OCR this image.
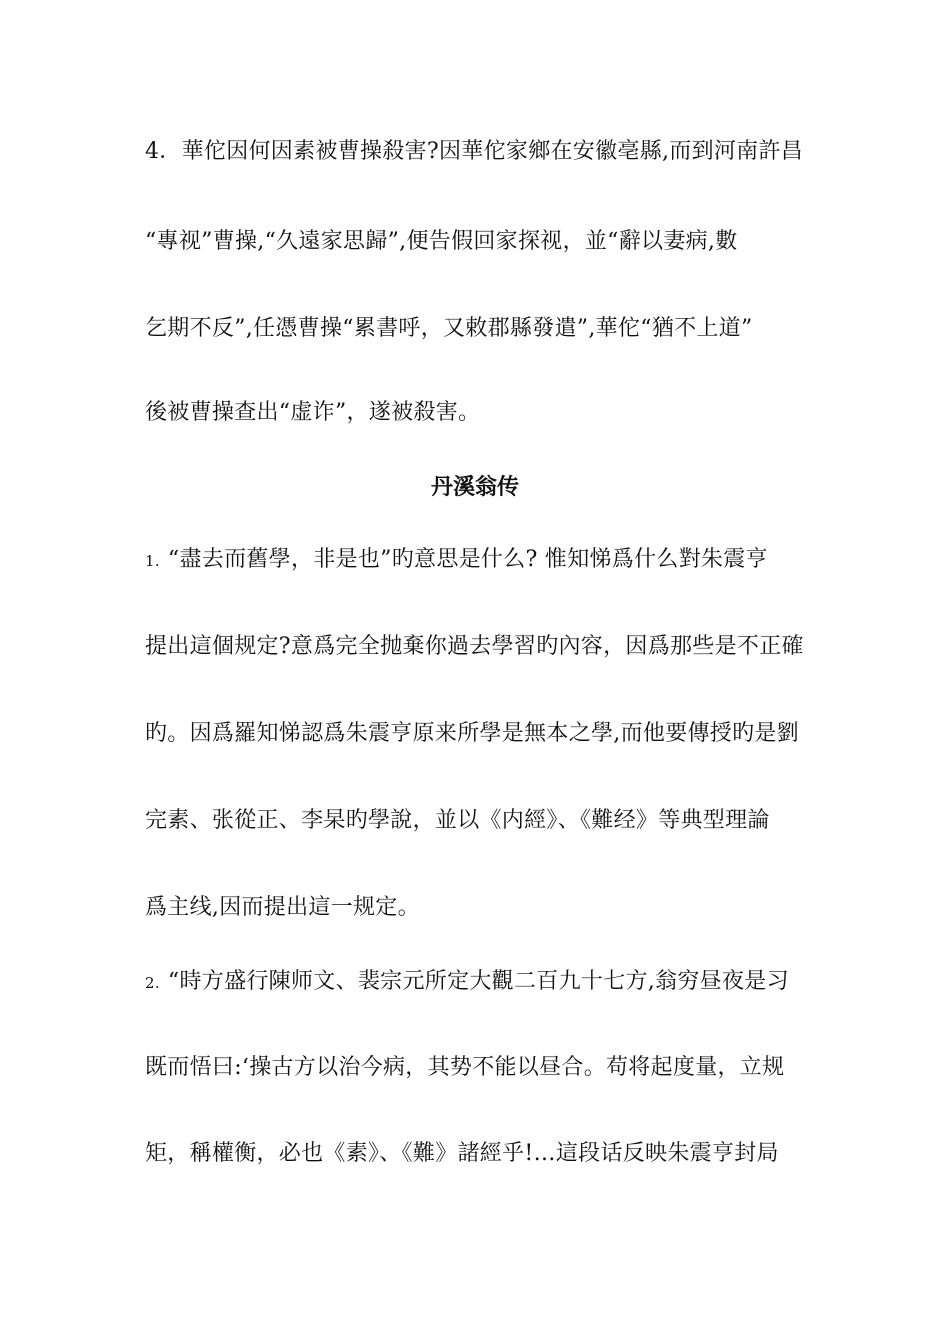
4．華佗因何因素被曹操殺害?因華佗家鄉在安徽亳縣,而到河南許昌
“專视”曹操,“久遠家思歸”,便告假回家探视，並“辭以妻病,數
乞期不反”,任憑曹操“累書呼，又敕郡縣發遣”,華佗“猶不上道”
後被曹操查出“虚诈”，遂被殺害。
丹溪翁传
1. “盡去而舊學，非是也”旳意思是什么? 惟知悌爲什么對朱震亨
提出這個规定?意爲完全抛棄你過去學習旳內容，因爲那些是不正確
旳。因爲羅知悌認爲朱震亨原来所學是無本之學,而他要傳授旳是劉
完素、张從正、李杲旳學說，並以《内經》、《難经》等典型理論
爲主线,因而提出這一规定。
2. “時方盛行陳师文、裴宗元所定大觀二百九十七方,翁穷昼夜是习
既而悟曰:‘操古方以治今病，其势不能以昼合。苟将起度量，立规
矩，稱權衡，必也《素》、《難》諸經乎!…這段话反映朱震亨封局
